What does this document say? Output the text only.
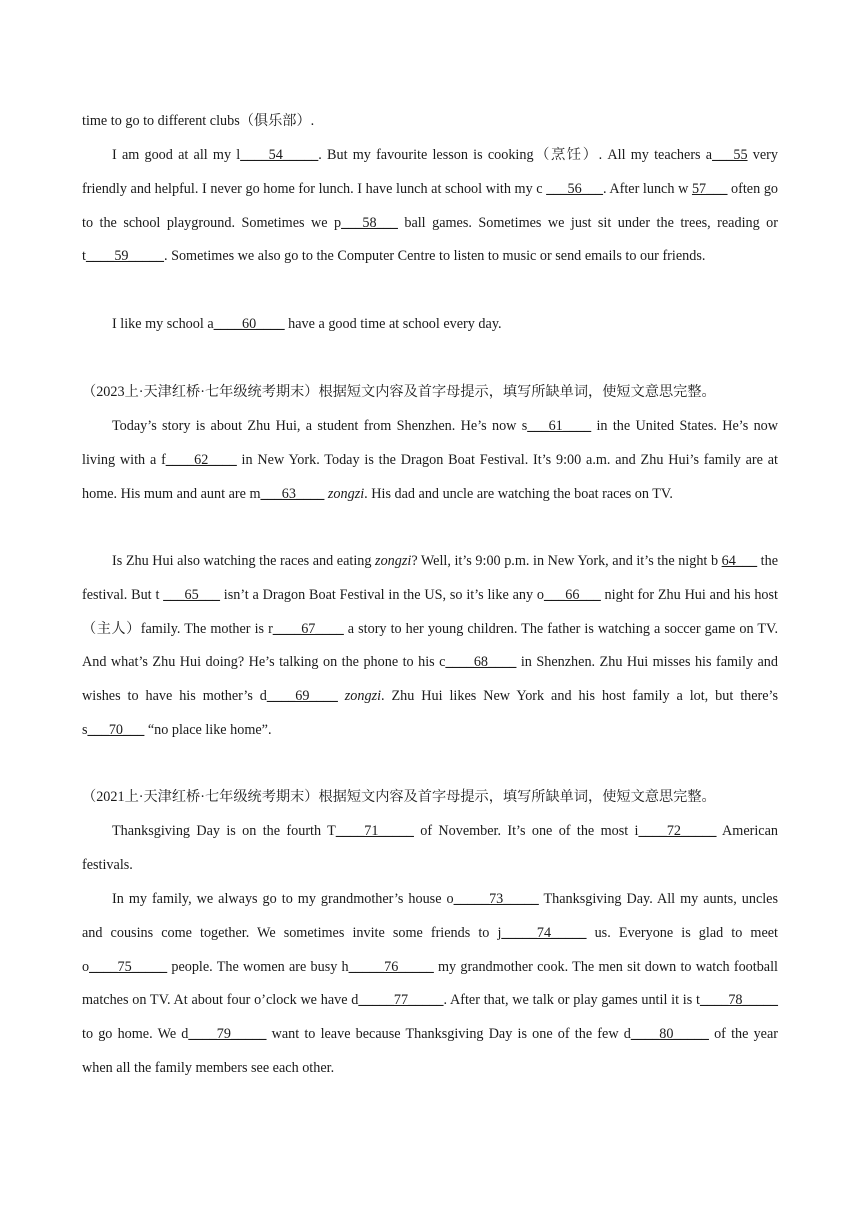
time to go to different clubs（俱乐部）.

I am good at all my l____54_____. But my favourite lesson is cooking（烹饪）. All my teachers a___55 very friendly and helpful. I never go home for lunch. I have lunch at school with my c ___56___. After lunch w 57___ often go to the school playground. Sometimes we p___58___ ball games. Sometimes we just sit under the trees, reading or t____59_____. Sometimes we also go to the Computer Centre to listen to music or send emails to our friends.

I like my school a____60____ have a good time at school every day.

（2023上·天津红桥·七年级统考期末）根据短文内容及首字母提示，填写所缺单词，使短文意思完整。

Today’s story is about Zhu Hui, a student from Shenzhen. He’s now s___61____ in the United States. He’s now living with a f____62____ in New York. Today is the Dragon Boat Festival. It’s 9:00 a.m. and Zhu Hui’s family are at home. His mum and aunt are m___63____ zongzi. His dad and uncle are watching the boat races on TV.

Is Zhu Hui also watching the races and eating zongzi? Well, it’s 9:00 p.m. in New York, and it’s the night b 64___ the festival. But t ___65___ isn’t a Dragon Boat Festival in the US, so it’s like any o___66___ night for Zhu Hui and his host（主人）family. The mother is r____67____ a story to her young children. The father is watching a soccer game on TV. And what’s Zhu Hui doing? He’s talking on the phone to his c____68____ in Shenzhen. Zhu Hui misses his family and wishes to have his mother’s d____69____ zongzi. Zhu Hui likes New York and his host family a lot, but there’s s___70___ “no place like home”.

（2021上·天津红桥·七年级统考期末）根据短文内容及首字母提示，填写所缺单词，使短文意思完整。

Thanksgiving Day is on the fourth T____71_____ of November. It’s one of the most i____72_____ American festivals.

In my family, we always go to my grandmother’s house o_____73_____ Thanksgiving Day. All my aunts, uncles and cousins come together. We sometimes invite some friends to j_____74_____ us. Everyone is glad to meet o____75_____ people. The women are busy h_____76_____ my grandmother cook. The men sit down to watch football matches on TV. At about four o’clock we have d_____77_____. After that, we talk or play games until it is t____78_____ to go home. We d____79_____ want to leave because Thanksgiving Day is one of the few d____80_____ of the year when all the family members see each other.
